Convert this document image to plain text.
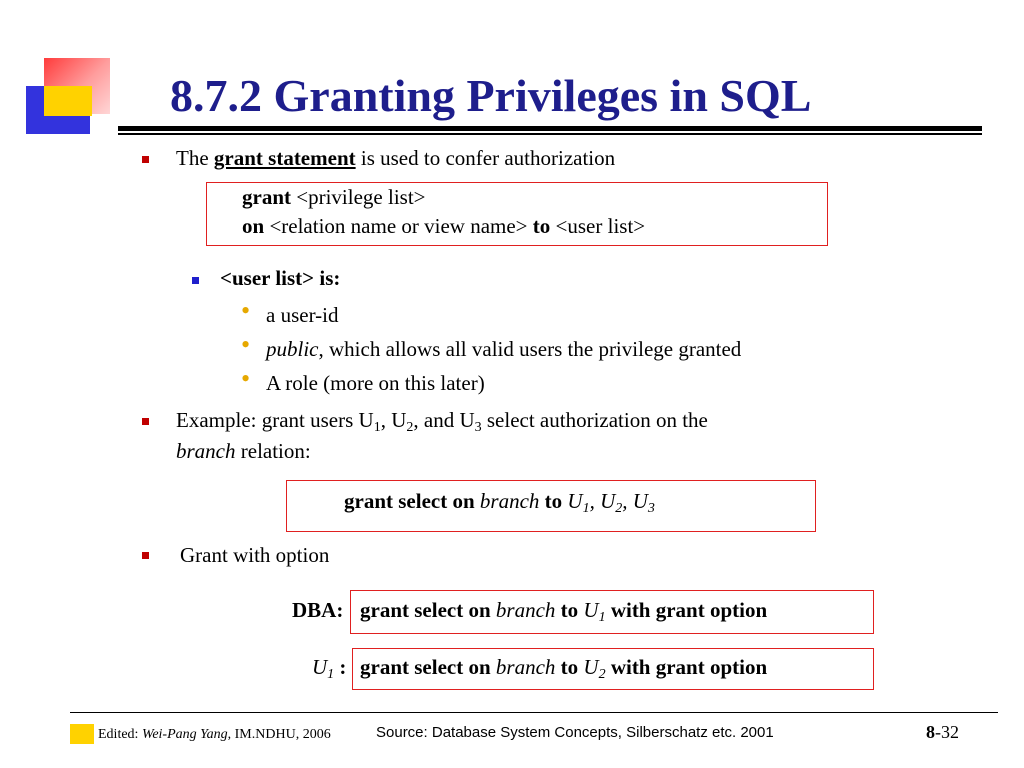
8.7.2 Granting Privileges in SQL
The grant statement is used to confer authorization
grant <privilege list>
on <relation name or view name> to <user list>
<user list> is:
• a user-id
• public, which allows all valid users the privilege granted
• A role (more on this later)
Example: grant users $U_1$, $U_2$, and $U_3$ select authorization on the
branch relation:
grant select on branch to $U_1$, $U_2$, $U_3$
Grant with option
DBA: grant select on branch to $U_1$ with grant option
$U_1$ : grant select on branch to $U_2$ with grant option
Edited: Wei-Pang Yang, IM.NDHU, 2006	Source: Database System Concepts, Silberschatz etc. 2001	8-32
